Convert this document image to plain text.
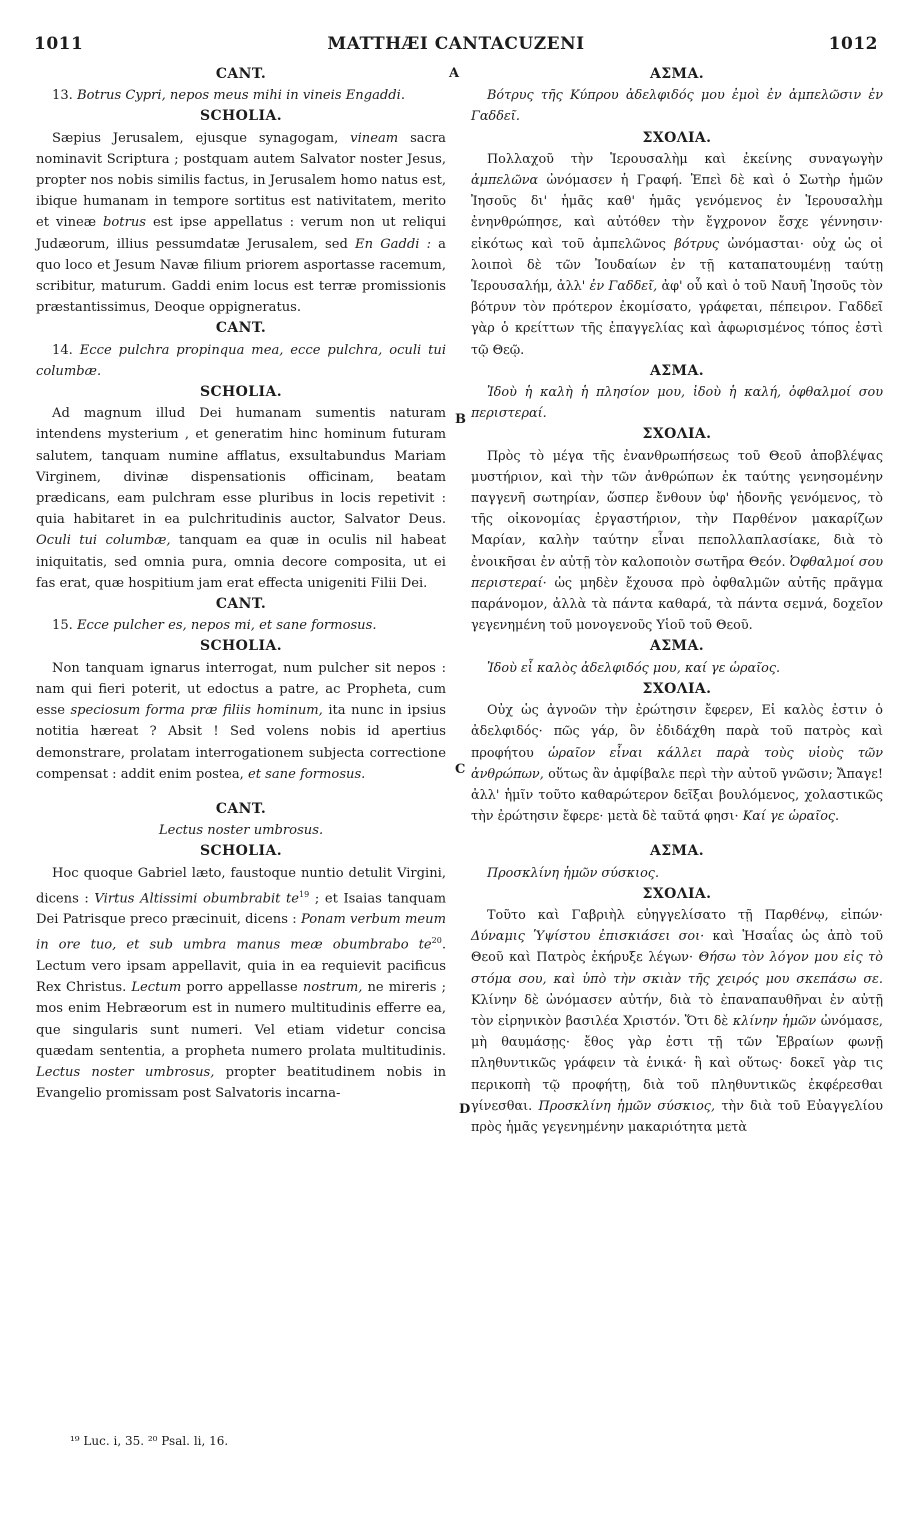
1011	MATTHÆI CANTACUZENI	1012
A
B
C
D

CANT.

13. Botrus Cypri, nepos meus mihi in vineis Engaddi.

SCHOLIA.

Sæpius Jerusalem, ejusque synagogam, vineam sacra nominavit Scriptura ; postquam autem Salvator noster Jesus, propter nos nobis similis factus, in Jerusalem homo natus est, ibique humanam in tempore sortitus est nativitatem, merito et vineæ botrus est ipse appellatus : verum non ut reliqui Judæorum, illius pessumdatæ Jerusalem, sed En Gaddi : a quo loco et Jesum Navæ filium priorem asportasse racemum, scribitur, maturum. Gaddi enim locus est terræ promissionis præstantissimus, Deoque oppigneratus.

CANT.

14. Ecce pulchra propinqua mea, ecce pulchra, oculi tui columbæ.

SCHOLIA.

Ad magnum illud Dei humanam sumentis naturam intendens mysterium , et generatim hinc hominum futuram salutem, tanquam numine afflatus, exsultabundus Mariam Virginem, divinæ dispensationis officinam, beatam prædicans, eam pulchram esse pluribus in locis repetivit : quia habitaret in ea pulchritudinis auctor, Salvator Deus. Oculi tui columbæ, tanquam ea quæ in oculis nil habeat iniquitatis, sed omnia pura, omnia decore composita, ut ei fas erat, quæ hospitium jam erat effecta unigeniti Filii Dei.

CANT.

15. Ecce pulcher es, nepos mi, et sane formosus.

SCHOLIA.

Non tanquam ignarus interrogat, num pulcher sit nepos : nam qui fieri poterit, ut edoctus a patre, ac Propheta, cum esse speciosum forma præ filiis hominum, ita nunc in ipsius notitia hæreat ? Absit ! Sed volens nobis id apertius demonstrare, prolatam interrogationem subjecta correctione compensat : addit enim postea, et sane formosus.

CANT.

Lectus noster umbrosus.

SCHOLIA.

Hoc quoque Gabriel læto, faustoque nuntio detulit Virgini, dicens : Virtus Altissimi obumbrabit $te^{19}$ ; et Isaias tanquam Dei Patrisque preco præcinuit, dicens : Ponam verbum meum in ore tuo, et sub umbra manus meæ obumbrabo $te^{20}$. Lectum vero ipsam appellavit, quia in ea requievit pacificus Rex Christus. Lectum porro appellasse nostrum, ne mireris ; mos enim Hebræorum est in numero multitudinis efferre ea, que singularis sunt numeri. Vel etiam videtur concisa quædam sententia, a propheta numero prolata multitudinis. Lectus noster umbrosus, propter beatitudinem nobis in Evangelio promissam post Salvatoris incarna-

ΑΣΜΑ.

Βότρυς τῆς Κύπρου ἀδελφιδός μου ἐμοὶ ἐν ἀμπελῶσιν ἐν Γαδδεῖ.

ΣΧΟΛΙΑ.

Πολλαχοῦ τὴν Ἱερουσαλὴμ καὶ ἐκείνης συναγωγὴν ἀμπελῶνα ὠνόμασεν ἡ Γραφή. Ἐπεὶ δὲ καὶ ὁ Σωτὴρ ἡμῶν Ἰησοῦς δι' ἡμᾶς καθ' ἡμᾶς γενόμενος ἐν Ἱερουσαλὴμ ἐνηνθρώπησε, καὶ αὐτόθεν τὴν ἔγχρονον ἔσχε γέννησιν· εἰκότως καὶ τοῦ ἀμπελῶνος βότρυς ὠνόμασται· οὐχ ὡς οἱ λοιποὶ δὲ τῶν Ἰουδαίων ἐν τῇ καταπατουμένῃ ταύτῃ Ἱερουσαλήμ, ἀλλ' ἐν Γαδδεῖ, ἀφ' οὗ καὶ ὁ τοῦ Ναυῆ Ἰησοῦς τὸν βότρυν τὸν πρότερον ἐκομίσατο, γράφεται, πέπειρον. Γαδδεῖ γὰρ ὁ κρείττων τῆς ἐπαγγελίας καὶ ἀφωρισμένος τόπος ἐστὶ τῷ Θεῷ.

ΑΣΜΑ.

Ἰδοὺ ἡ καλὴ ἡ πλησίον μου, ἰδοὺ ἡ καλή, ὀφθαλμοί σου περιστεραί.

ΣΧΟΛΙΑ.

Πρὸς τὸ μέγα τῆς ἐνανθρωπήσεως τοῦ Θεοῦ ἀποβλέψας μυστήριον, καὶ τὴν τῶν ἀνθρώπων ἐκ ταύτης γενησομένην παγγενῆ σωτηρίαν, ὥσπερ ἔνθουν ὑφ' ἡδονῆς γενόμενος, τὸ τῆς οἰκονομίας ἐργαστήριον, τὴν Παρθένον μακαρίζων Μαρίαν, καλὴν ταύτην εἶναι πεπολλαπλασίακε, διὰ τὸ ἐνοικῆσαι ἐν αὐτῇ τὸν καλοποιὸν σωτῆρα Θεόν. Ὀφθαλμοί σου περιστεραί· ὡς μηδὲν ἔχουσα πρὸ ὀφθαλμῶν αὐτῆς πρᾶγμα παράνομον, ἀλλὰ τὰ πάντα καθαρά, τὰ πάντα σεμνά, δοχεῖον γεγενημένη τοῦ μονογενοῦς Υἱοῦ τοῦ Θεοῦ.

ΑΣΜΑ.

Ἰδοὺ εἶ καλὸς ἀδελφιδός μου, καί γε ὡραῖος.

ΣΧΟΛΙΑ.

Οὐχ ὡς ἀγνοῶν τὴν ἐρώτησιν ἔφερεν, Εἰ καλὸς ἐστιν ὁ ἀδελφιδός· πῶς γάρ, ὃν ἐδιδάχθη παρὰ τοῦ πατρὸς καὶ προφήτου ὡραῖον εἶναι κάλλει παρὰ τοὺς υἱοὺς τῶν ἀνθρώπων, οὕτως ἂν ἀμφίβαλε περὶ τὴν αὐτοῦ γνῶσιν; Ἄπαγε! ἀλλ' ἡμῖν τοῦτο καθαρώτερον δεῖξαι βουλόμενος, χολαστικῶς τὴν ἐρώτησιν ἔφερε· μετὰ δὲ ταῦτά φησι· Καί γε ὡραῖος.

ΑΣΜΑ.

Προσκλίνη ἡμῶν σύσκιος.

ΣΧΟΛΙΑ.

Τοῦτο καὶ Γαβριὴλ εὐηγγελίσατο τῇ Παρθένῳ, εἰπών· Δύναμις Ὑψίστου ἐπισκιάσει σοι· καὶ Ἡσαΐας ὡς ἀπὸ τοῦ Θεοῦ καὶ Πατρὸς ἐκήρυξε λέγων· Θήσω τὸν λόγον μου εἰς τὸ στόμα σου, καὶ ὑπὸ τὴν σκιὰν τῆς χειρός μου σκεπάσω σε. Κλίνην δὲ ὠνόμασεν αὐτήν, διὰ τὸ ἐπαναπαυθῆναι ἐν αὐτῇ τὸν εἰρηνικὸν βασιλέα Χριστόν. Ὅτι δὲ κλίνην ἡμῶν ὠνόμασε, μὴ θαυμάσῃς· ἔθος γὰρ ἐστι τῇ τῶν Ἑβραίων φωνῇ πληθυντικῶς γράφειν τὰ ἑνικά· ἢ καὶ οὕτως· δοκεῖ γὰρ τις περικοπὴ τῷ προφήτῃ, διὰ τοῦ πληθυντικῶς ἐκφέρεσθαι γίνεσθαι. Προσκλίνη ἡμῶν σύσκιος, τὴν διὰ τοῦ Εὐαγγελίου πρὸς ἡμᾶς γεγενημένην μακαριότητα μετὰ

¹⁹ Luc. i, 35. ²⁰ Psal. li, 16.
